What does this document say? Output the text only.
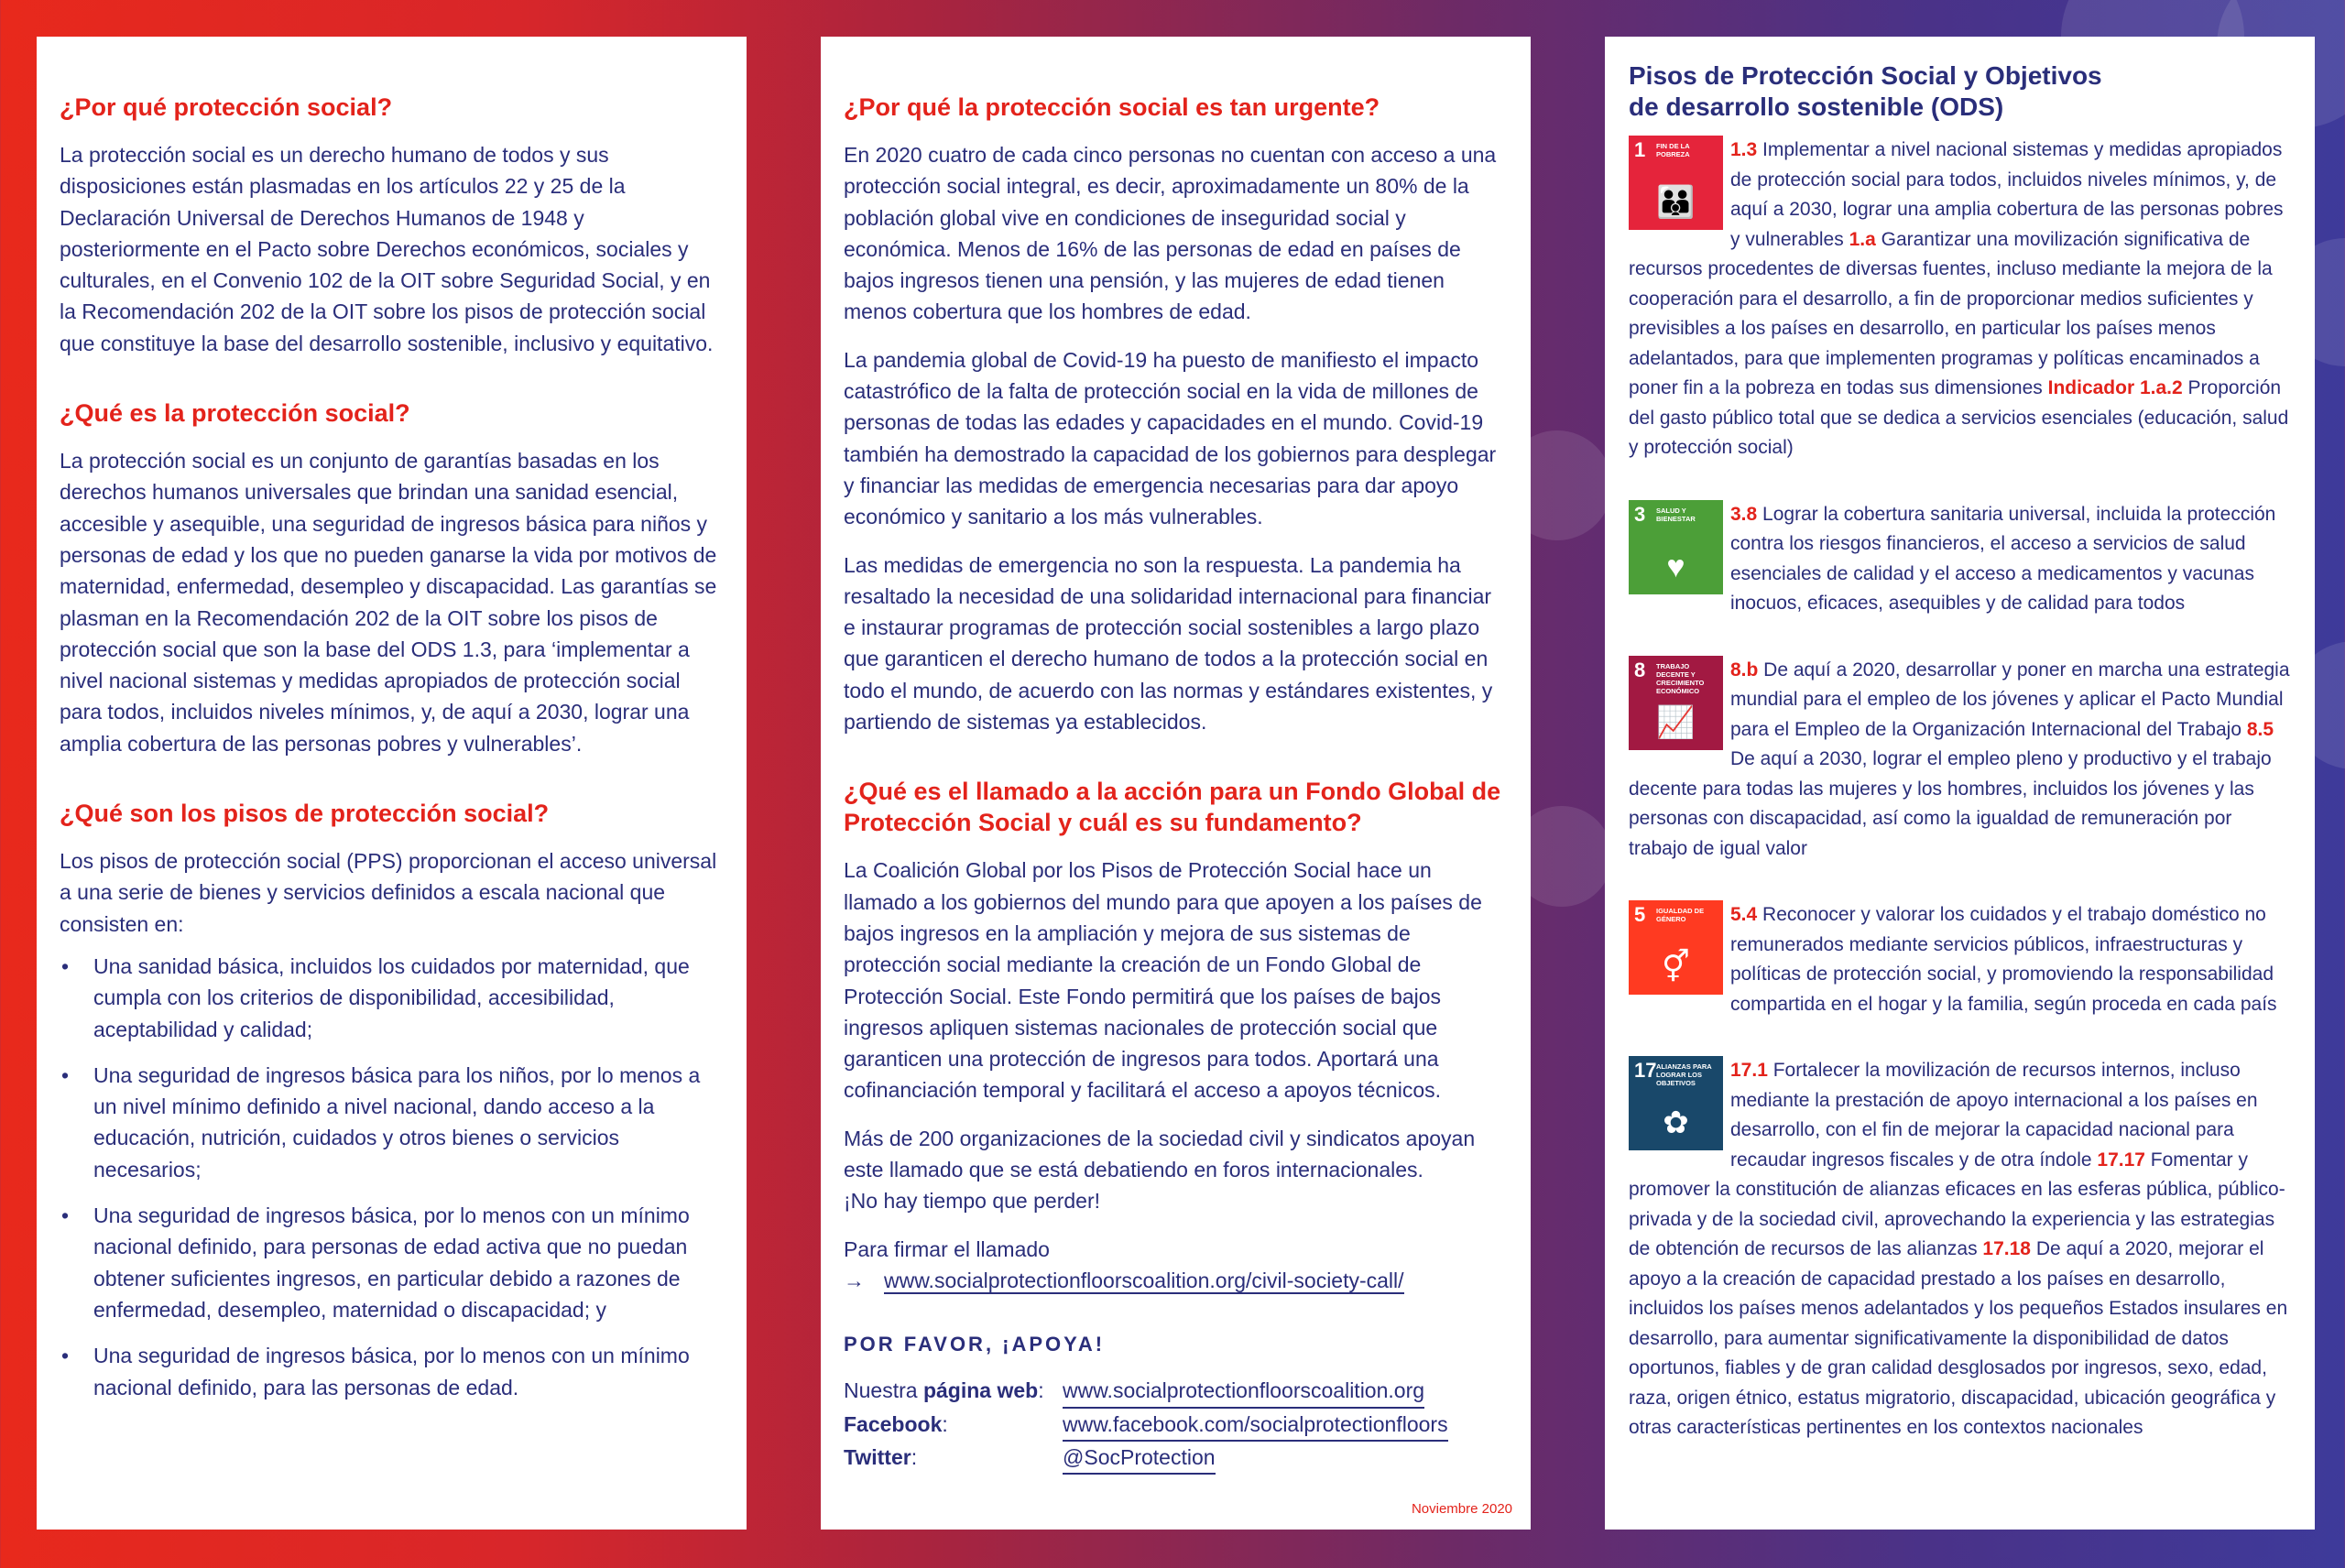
¿Por qué protección social?
La protección social es un derecho humano de todos y sus disposiciones están plasmadas en los artículos 22 y 25 de la Declaración Universal de Derechos Humanos de 1948 y posteriormente en el Pacto sobre Derechos económicos, sociales y culturales, en el Convenio 102 de la OIT sobre Seguridad Social, y en la Recomendación 202 de la OIT sobre los pisos de protección social que constituye la base del desarrollo sostenible, inclusivo y equitativo.
¿Qué es la protección social?
La protección social es un conjunto de garantías basadas en los derechos humanos universales que brindan una sanidad esencial, accesible y asequible, una seguridad de ingresos básica para niños y personas de edad y los que no pueden ganarse la vida por motivos de maternidad, enfermedad, desempleo y discapacidad. Las garantías se plasman en la Recomendación 202 de la OIT sobre los pisos de protección social que son la base del ODS 1.3, para ‘implementar a nivel nacional sistemas y medidas apropiados de protección social para todos, incluidos niveles mínimos, y, de aquí a 2030, lograr una amplia cobertura de las personas pobres y vulnerables’.
¿Qué son los pisos de protección social?
Los pisos de protección social (PPS) proporcionan el acceso universal a una serie de bienes y servicios definidos a escala nacional que consisten en:
• Una sanidad básica, incluidos los cuidados por maternidad, que cumpla con los criterios de disponibilidad, accesibilidad, aceptabilidad y calidad;
• Una seguridad de ingresos básica para los niños, por lo menos a un nivel mínimo definido a nivel nacional, dando acceso a la educación, nutrición, cuidados y otros bienes o servicios necesarios;
• Una seguridad de ingresos básica, por lo menos con un mínimo nacional definido, para personas de edad activa que no puedan obtener suficientes ingresos, en particular debido a razones de enfermedad, desempleo, maternidad o discapacidad; y
• Una seguridad de ingresos básica, por lo menos con un mínimo nacional definido, para las personas de edad.
¿Por qué la protección social es tan urgente?
En 2020 cuatro de cada cinco personas no cuentan con acceso a una protección social integral, es decir, aproximadamente un 80% de la población global vive en condiciones de inseguridad social y económica. Menos de 16% de las personas de edad en países de bajos ingresos tienen una pensión, y las mujeres de edad tienen menos cobertura que los hombres de edad.
La pandemia global de Covid-19 ha puesto de manifiesto el impacto catastrófico de la falta de protección social en la vida de millones de personas de todas las edades y capacidades en el mundo. Covid-19 también ha demostrado la capacidad de los gobiernos para desplegar y financiar las medidas de emergencia necesarias para dar apoyo económico y sanitario a los más vulnerables.
Las medidas de emergencia no son la respuesta. La pandemia ha resaltado la necesidad de una solidaridad internacional para financiar e instaurar programas de protección social sostenibles a largo plazo que garanticen el derecho humano de todos a la protección social en todo el mundo, de acuerdo con las normas y estándares existentes, y partiendo de sistemas ya establecidos.
¿Qué es el llamado a la acción para un Fondo Global de Protección Social y cuál es su fundamento?
La Coalición Global por los Pisos de Protección Social hace un llamado a los gobiernos del mundo para que apoyen a los países de bajos ingresos en la ampliación y mejora de sus sistemas de protección social mediante la creación de un Fondo Global de Protección Social. Este Fondo permitirá que los países de bajos ingresos apliquen sistemas nacionales de protección social que garanticen una protección de ingresos para todos. Aportará una cofinanciación temporal y facilitará el acceso a apoyos técnicos.
Más de 200 organizaciones de la sociedad civil y sindicatos apoyan este llamado que se está debatiendo en foros internacionales.
¡No hay tiempo que perder!
Para firmar el llamado
→ www.socialprotectionfloorscoalition.org/civil-society-call/
POR FAVOR, ¡APOYA!
Nuestra página web: www.socialprotectionfloorscoalition.org
Facebook:	www.facebook.com/socialprotectionfloors
Twitter:	@SocProtection
Noviembre 2020
Pisos de Protección Social y Objetivos
de desarrollo sostenible (ODS)
1 FIN DE LA POBREZA
👪
1.3 Implementar a nivel nacional sistemas y medidas apropiados de protección social para todos, incluidos niveles mínimos, y, de aquí a 2030, lograr una amplia cobertura de las personas pobres y vulnerables 1.a Garantizar una movilización significativa de recursos procedentes de diversas fuentes, incluso mediante la mejora de la cooperación para el desarrollo, a fin de proporcionar medios suficientes y previsibles a los países en desarrollo, en particular los países menos adelantados, para que implementen programas y políticas encaminados a poner fin a la pobreza en todas sus dimensiones Indicador 1.a.2 Proporción del gasto público total que se dedica a servicios esenciales (educación, salud y protección social)
3 SALUD Y BIENESTAR
♥
3.8 Lograr la cobertura sanitaria universal, incluida la protección contra los riesgos financieros, el acceso a servicios de salud esenciales de calidad y el acceso a medicamentos y vacunas inocuos, eficaces, asequibles y de calidad para todos
8 TRABAJO DECENTE Y CRECIMIENTO ECONÓMICO
📈
8.b De aquí a 2020, desarrollar y poner en marcha una estrategia mundial para el empleo de los jóvenes y aplicar el Pacto Mundial para el Empleo de la Organización Internacional del Trabajo 8.5 De aquí a 2030, lograr el empleo pleno y productivo y el trabajo decente para todas las mujeres y los hombres, incluidos los jóvenes y las personas con discapacidad, así como la igualdad de remuneración por trabajo de igual valor
5 IGUALDAD DE GÉNERO
⚥
5.4 Reconocer y valorar los cuidados y el trabajo doméstico no remunerados mediante servicios públicos, infraestructuras y políticas de protección social, y promoviendo la responsabilidad compartida en el hogar y la familia, según proceda en cada país
17 ALIANZAS PARA LOGRAR LOS OBJETIVOS
✿
17.1 Fortalecer la movilización de recursos internos, incluso mediante la prestación de apoyo internacional a los países en desarrollo, con el fin de mejorar la capacidad nacional para recaudar ingresos fiscales y de otra índole 17.17 Fomentar y promover la constitución de alianzas eficaces en las esferas pública, público-privada y de la sociedad civil, aprovechando la experiencia y las estrategias de obtención de recursos de las alianzas 17.18 De aquí a 2020, mejorar el apoyo a la creación de capacidad prestado a los países en desarrollo, incluidos los países menos adelantados y los pequeños Estados insulares en desarrollo, para aumentar significativamente la disponibilidad de datos oportunos, fiables y de gran calidad desglosados por ingresos, sexo, edad, raza, origen étnico, estatus migratorio, discapacidad, ubicación geográfica y otras características pertinentes en los contextos nacionales
